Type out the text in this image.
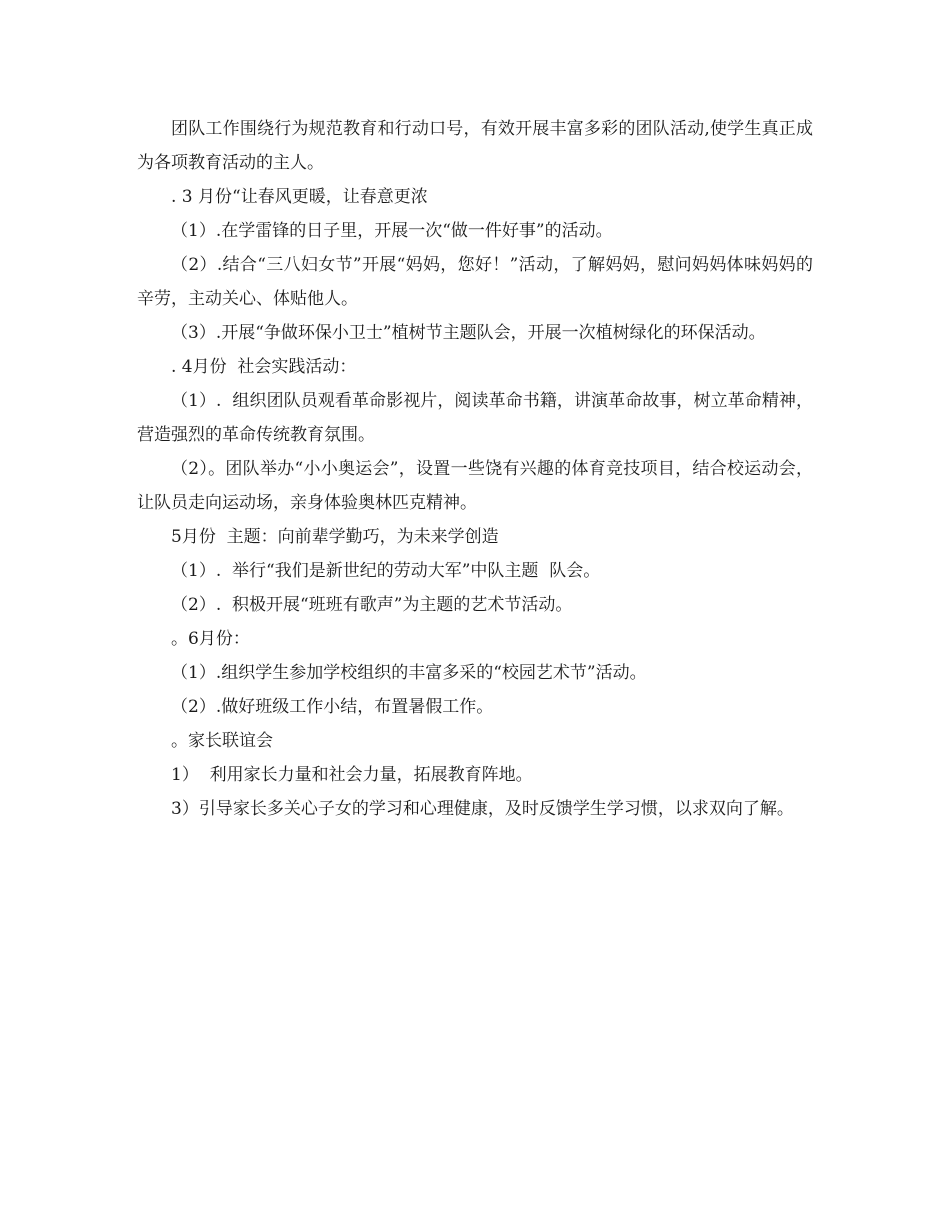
团队工作围绕行为规范教育和行动口号，有效开展丰富多彩的团队活动,使学生真正成为各项教育活动的主人。

. 3 月份“让春风更暖，让春意更浓

（1）.在学雷锋的日子里，开展一次“做一件好事”的活动。

（2）.结合“三八妇女节”开展“妈妈，您好！”活动，了解妈妈，慰问妈妈体味妈妈的辛劳，主动关心、体贴他人。

（3）.开展“争做环保小卫士”植树节主题队会，开展一次植树绿化的环保活动。

. 4月份  社会实践活动：

（1）.  组织团队员观看革命影视片，阅读革命书籍，讲演革命故事，树立革命精神，营造强烈的革命传统教育氛围。

（2）。团队举办“小小奥运会”，设置一些饶有兴趣的体育竞技项目，结合校运动会，让队员走向运动场，亲身体验奥林匹克精神。

5月份  主题：向前辈学勤巧，为未来学创造

（1）.  举行“我们是新世纪的劳动大军”中队主题  队会。

（2）.  积极开展“班班有歌声”为主题的艺术节活动。

。6月份：

（1）.组织学生参加学校组织的丰富多采的“校园艺术节”活动。

（2）.做好班级工作小结，布置暑假工作。

。家长联谊会

1）  利用家长力量和社会力量，拓展教育阵地。

3）引导家长多关心子女的学习和心理健康，及时反馈学生学习惯，以求双向了解。
